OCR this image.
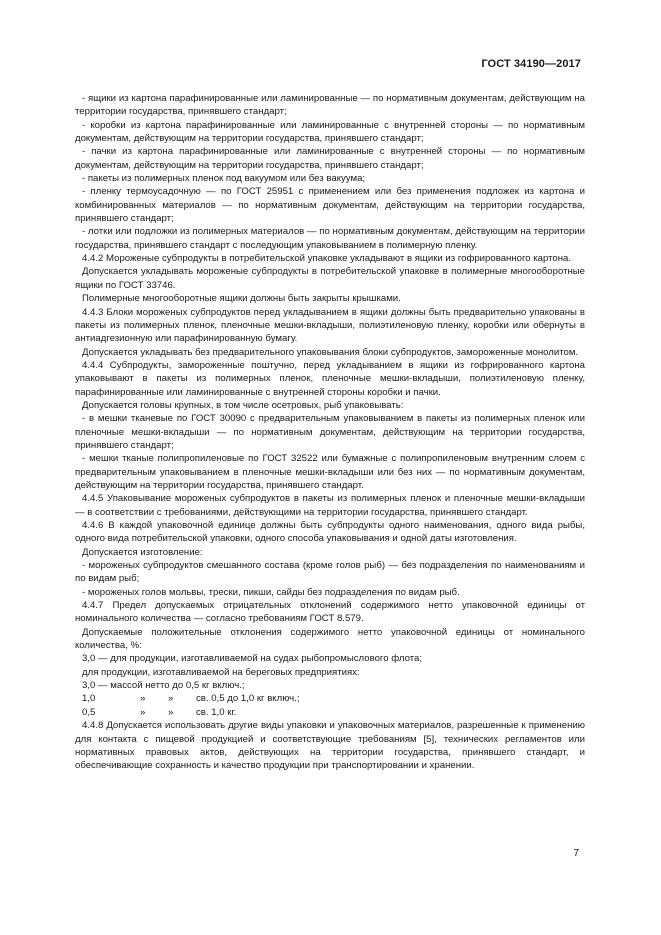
ГОСТ 34190—2017

- ящики из картона парафинированные или ламинированные — по нормативным документам, действующим на территории государства, принявшего стандарт;

- коробки из картона парафинированные или ламинированные с внутренней стороны — по нормативным документам, действующим на территории государства, принявшего стандарт;

- пачки из картона парафинированные или ламинированные с внутренней стороны — по нормативным документам, действующим на территории государства, принявшего стандарт;

- пакеты из полимерных пленок под вакуумом или без вакуума;

- пленку термоусадочную — по ГОСТ 25951 с применением или без применения подложек из картона и комбинированных материалов — по нормативным документам, действующим на территории государства, принявшего стандарт;

- лотки или подложки из полимерных материалов — по нормативным документам, действующим на территории государства, принявшего стандарт с последующим упаковыванием в полимерную пленку.

4.4.2 Мороженые субпродукты в потребительской упаковке укладывают в ящики из гофрированного картона.

Допускается укладывать мороженые субпродукты в потребительской упаковке в полимерные многооборотные ящики по ГОСТ 33746.

Полимерные многооборотные ящики должны быть закрыты крышками.

4.4.3 Блоки мороженых субпродуктов перед укладыванием в ящики должны быть предварительно упакованы в пакеты из полимерных пленок, пленочные мешки-вкладыши, полиэтиленовую пленку, коробки или обернуты в антиадгезионную или парафинированную бумагу.

Допускается укладывать без предварительного упаковывания блоки субпродуктов, замороженные монолитом.

4.4.4 Субпродукты, замороженные поштучно, перед укладыванием в ящики из гофрированного картона упаковывают в пакеты из полимерных пленок, пленочные мешки-вкладыши, полиэтиленовую пленку, парафинированные или ламинированные с внутренней стороны коробки и пачки.

Допускается головы крупных, в том числе осетровых, рыб упаковывать:

- в мешки тканевые по ГОСТ 30090 с предварительным упаковыванием в пакеты из полимерных пленок или пленочные мешки-вкладыши — по нормативным документам, действующим на территории государства, принявшего стандарт;

- мешки тканые полипропиленовые по ГОСТ 32522 или бумажные с полипропиленовым внутренним слоем с предварительным упаковыванием в пленочные мешки-вкладыши или без них — по нормативным документам, действующим на территории государства, принявшего стандарт.

4.4.5 Упаковывание мороженых субпродуктов в пакеты из полимерных пленок и пленочные мешки-вкладыши — в соответствии с требованиями, действующими на территории государства, принявшего стандарт.

4.4.6 В каждой упаковочной единице должны быть субпродукты одного наименования, одного вида рыбы, одного вида потребительской упаковки, одного способа упаковывания и одной даты изготовления.

Допускается изготовление:

- мороженых субпродуктов смешанного состава (кроме голов рыб) — без подразделения по наименованиям и по видам рыб;

- мороженых голов мольвы, трески, пикши, сайды без подразделения по видам рыб.

4.4.7 Предел допускаемых отрицательных отклонений содержимого нетто упаковочной единицы от номинального количества — согласно требованиям ГОСТ 8.579.

Допускаемые положительные отклонения содержимого нетто упаковочной единицы от номинального количества, %:

3,0 — для продукции, изготавливаемой на судах рыбопромыслового флота;

для продукции, изготавливаемой на береговых предприятиях:

3,0 — массой нетто до 0,5 кг включ.;

1,0	»	»	св. 0,5 до 1,0 кг включ.;
0,5	»	»	св. 1,0 кг.

4.4.8 Допускается использовать другие виды упаковки и упаковочных материалов, разрешенные к применению для контакта с пищевой продукцией и соответствующие требованиям [5], технических регламентов или нормативных правовых актов, действующих на территории государства, принявшего стандарт, и обеспечивающие сохранность и качество продукции при транспортировании и хранении.

7
